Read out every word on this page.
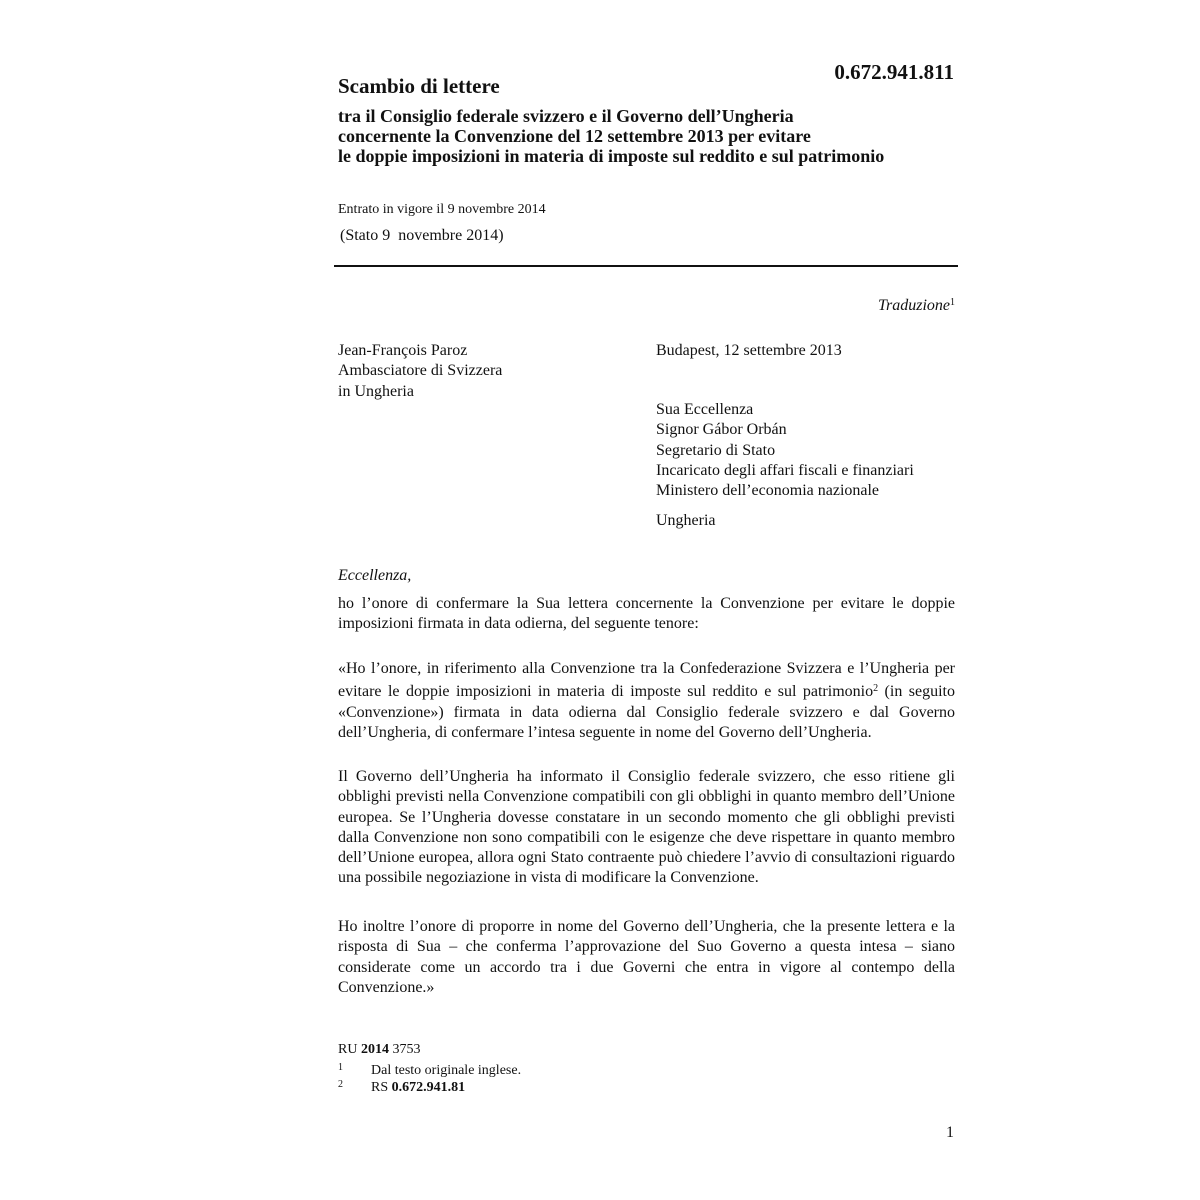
0.672.941.811
Scambio di lettere
tra il Consiglio federale svizzero e il Governo dell’Ungheria
concernente la Convenzione del 12 settembre 2013 per evitare
le doppie imposizioni in materia di imposte sul reddito e sul patrimonio
Entrato in vigore il 9 novembre 2014
(Stato 9  novembre 2014)
Traduzione$^1$
Jean-François Paroz
Ambasciatore di Svizzera
in Ungheria
Budapest, 12 settembre 2013
Sua Eccellenza
Signor Gábor Orbán
Segretario di Stato
Incaricato degli affari fiscali e finanziari
Ministero dell’economia nazionale
Ungheria
Eccellenza,
ho l’onore di confermare la Sua lettera concernente la Convenzione per evitare le doppie imposizioni firmata in data odierna, del seguente tenore:
«Ho l’onore, in riferimento alla Convenzione tra la Confederazione Svizzera e l’Ungheria per evitare le doppie imposizioni in materia di imposte sul reddito e sul patrimonio$^2$ (in seguito «Convenzione») firmata in data odierna dal Consiglio federale svizzero e dal Governo dell’Ungheria, di confermare l’intesa seguente in nome del Governo dell’Ungheria.
Il Governo dell’Ungheria ha informato il Consiglio federale svizzero, che esso ritiene gli obblighi previsti nella Convenzione compatibili con gli obblighi in quanto membro dell’Unione europea. Se l’Ungheria dovesse constatare in un secondo momento che gli obblighi previsti dalla Convenzione non sono compatibili con le esigenze che deve rispettare in quanto membro dell’Unione europea, allora ogni Stato contraente può chiedere l’avvio di consultazioni riguardo una possibile negoziazione in vista di modificare la Convenzione.
Ho inoltre l’onore di proporre in nome del Governo dell’Ungheria, che la presente lettera e la risposta di Sua – che conferma l’approvazione del Suo Governo a questa intesa – siano considerate come un accordo tra i due Governi che entra in vigore al contempo della Convenzione.»
RU 2014 3753
1 Dal testo originale inglese.
2 RS 0.672.941.81
1
